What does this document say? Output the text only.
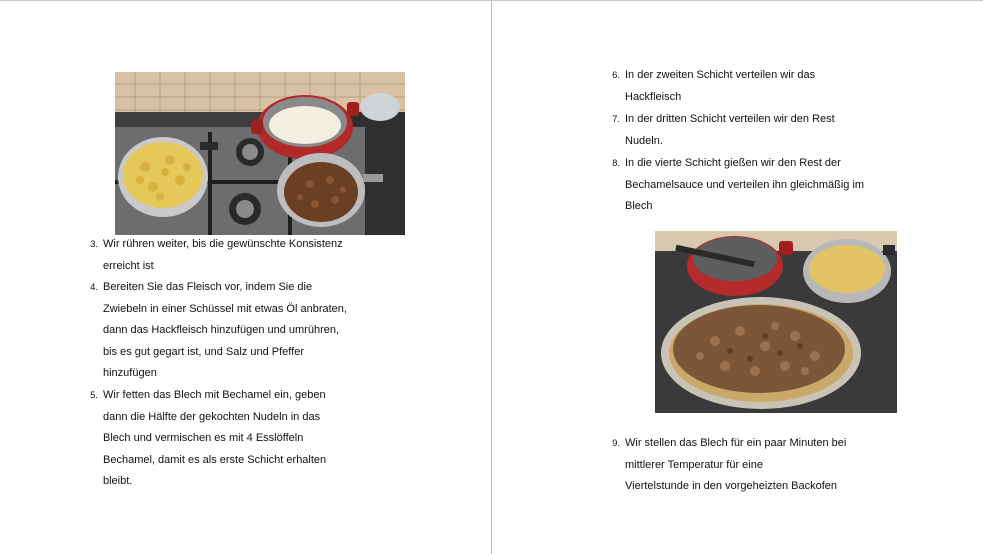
3. Wir rühren weiter, bis die gewünschte Konsistenz
erreicht ist
4. Bereiten Sie das Fleisch vor, indem Sie die
Zwiebeln in einer Schüssel mit etwas Öl anbraten,
dann das Hackfleisch hinzufügen und umrühren,
bis es gut gegart ist, und Salz und Pfeffer
hinzufügen
5. Wir fetten das Blech mit Bechamel ein, geben
dann die Hälfte der gekochten Nudeln in das
Blech und vermischen es mit 4 Esslöffeln
Bechamel, damit es als erste Schicht erhalten
bleibt.
6. In der zweiten Schicht verteilen wir das
Hackfleisch
7. In der dritten Schicht verteilen wir den Rest
Nudeln.
8. In die vierte Schicht gießen wir den Rest der
Bechamelsauce und verteilen ihn gleichmäßig im
Blech
9. Wir stellen das Blech für ein paar Minuten bei
mittlerer Temperatur für eine
Viertelstunde in den vorgeheizten Backofen
